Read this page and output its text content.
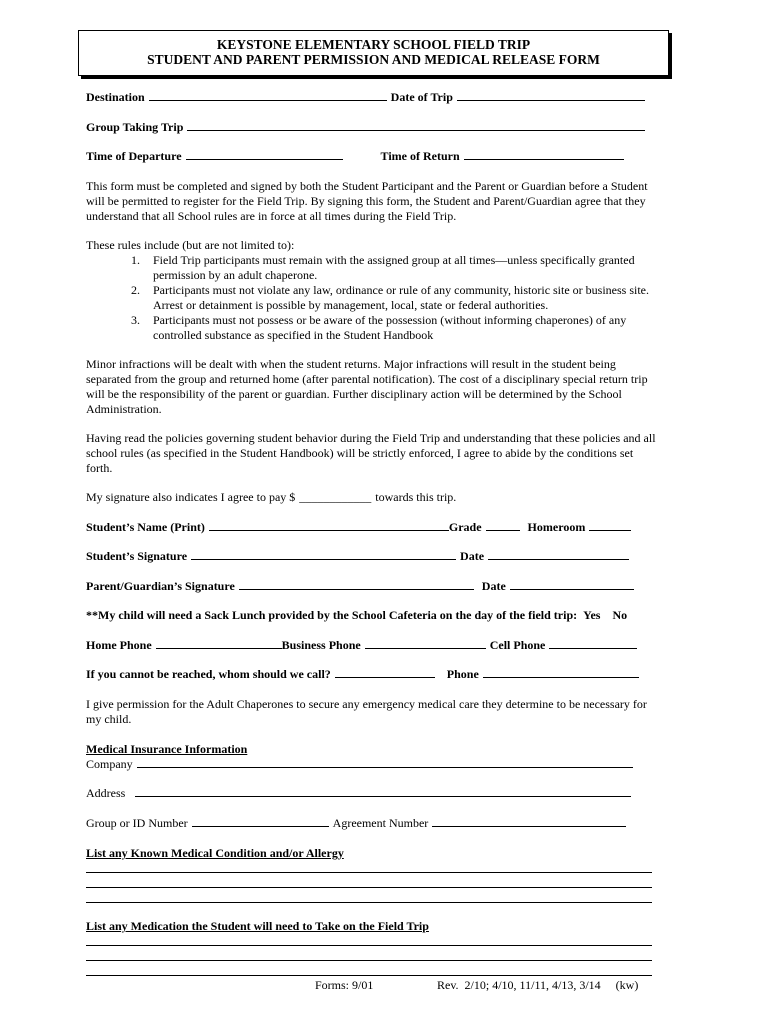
KEYSTONE ELEMENTARY SCHOOL FIELD TRIP
STUDENT AND PARENT PERMISSION AND MEDICAL RELEASE FORM
Destination	Date of Trip
Group Taking Trip
Time of Departure	Time of Return
This form must be completed and signed by both the Student Participant and the Parent or Guardian before a Student will be permitted to register for the Field Trip. By signing this form, the Student and Parent/Guardian agree that they understand that all School rules are in force at all times during the Field Trip.
These rules include (but are not limited to):
1. Field Trip participants must remain with the assigned group at all times—unless specifically granted permission by an adult chaperone.
2. Participants must not violate any law, ordinance or rule of any community, historic site or business site. Arrest or detainment is possible by management, local, state or federal authorities.
3. Participants must not possess or be aware of the possession (without informing chaperones) of any controlled substance as specified in the Student Handbook
Minor infractions will be dealt with when the student returns. Major infractions will result in the student being separated from the group and returned home (after parental notification). The cost of a disciplinary special return trip will be the responsibility of the parent or guardian. Further disciplinary action will be determined by the School Administration.
Having read the policies governing student behavior during the Field Trip and understanding that these policies and all school rules (as specified in the Student Handbook) will be strictly enforced, I agree to abide by the conditions set forth.
My signature also indicates I agree to pay $ ____________ towards this trip.
Student’s Name (Print)	Grade	Homeroom
Student’s Signature	Date
Parent/Guardian’s Signature	Date
**My child will need a Sack Lunch provided by the School Cafeteria on the day of the field trip: Yes No
Home Phone	Business Phone	Cell Phone
If you cannot be reached, whom should we call?	Phone
I give permission for the Adult Chaperones to secure any emergency medical care they determine to be necessary for my child.
Medical Insurance Information
Company
Address
Group or ID Number	Agreement Number
List any Known Medical Condition and/or Allergy
List any Medication the Student will need to Take on the Field Trip
Forms: 9/01	Rev.  2/10; 4/10, 11/11, 4/13, 3/14     (kw)
